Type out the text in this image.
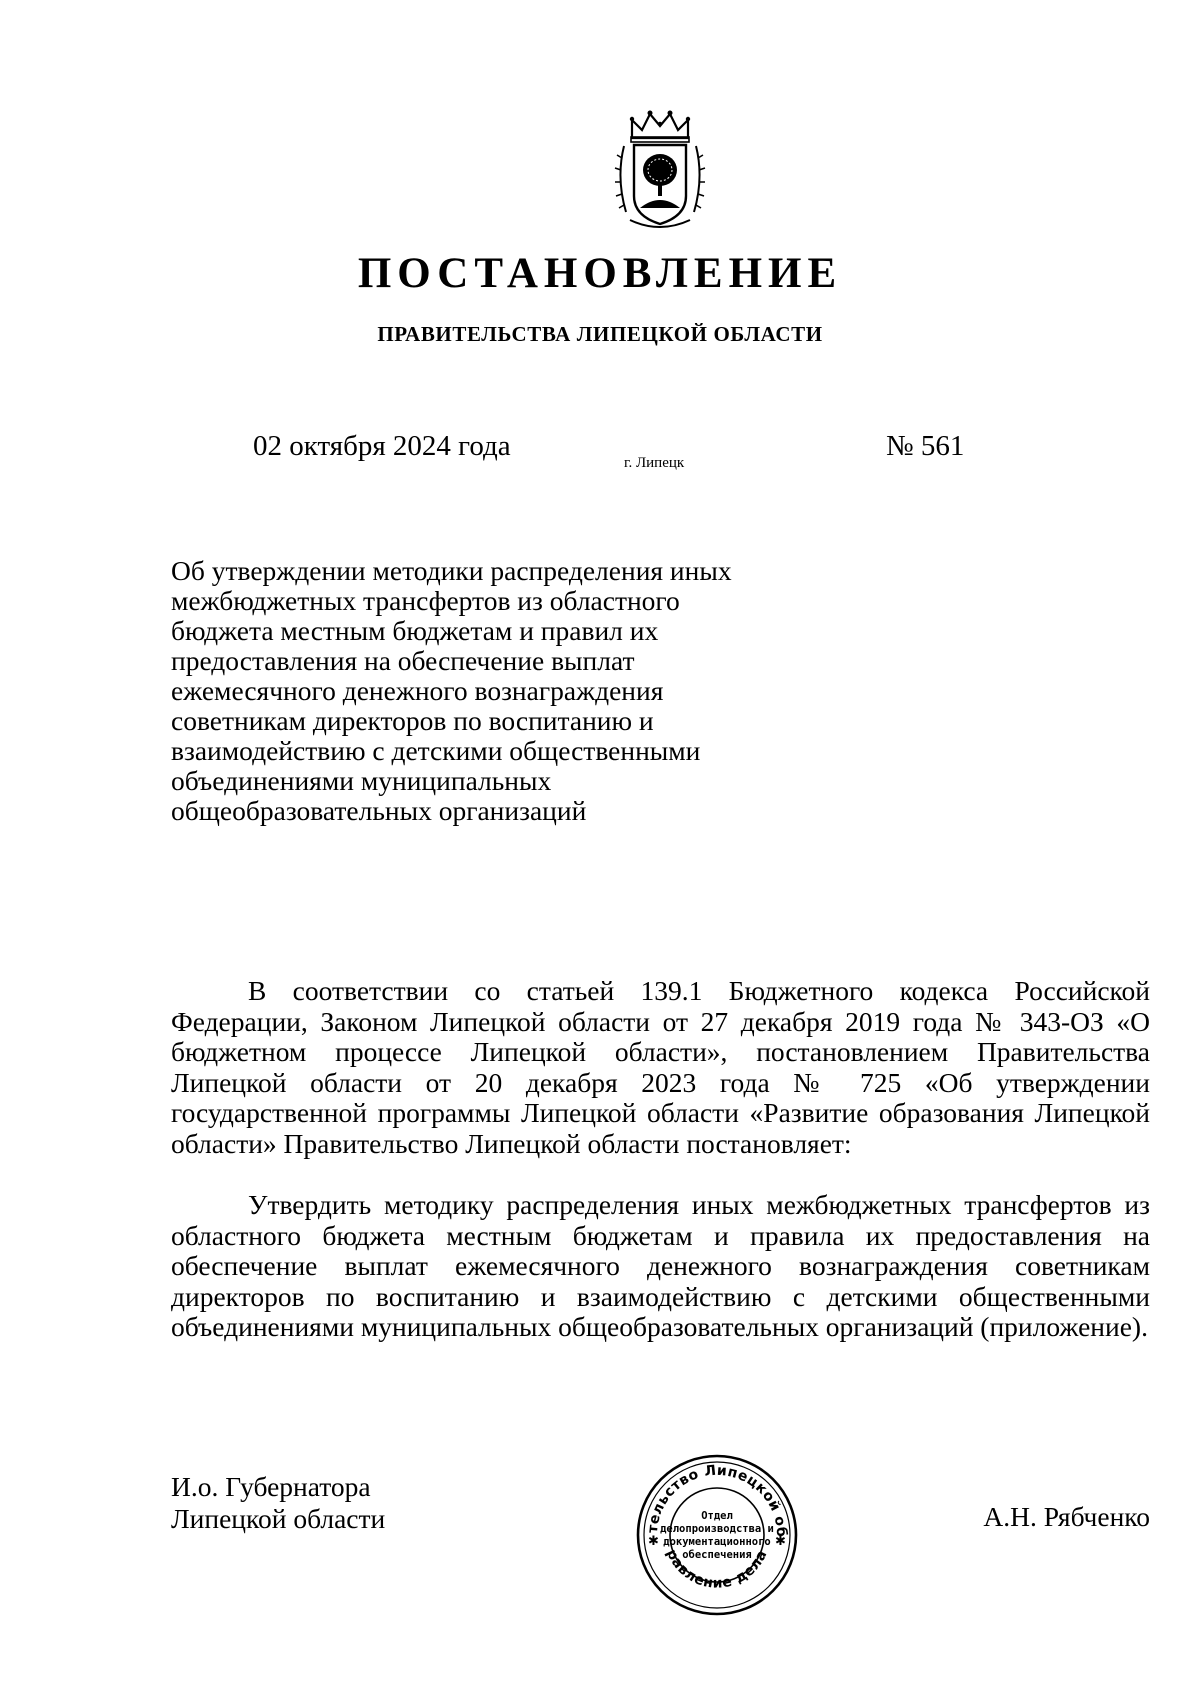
ПОСТАНОВЛЕНИЕ
ПРАВИТЕЛЬСТВА ЛИПЕЦКОЙ ОБЛАСТИ
02 октября 2024 года
г. Липецк
№ 561
Об утверждении методики распределения иных
межбюджетных трансфертов из областного
бюджета местным бюджетам и правил их
предоставления на обеспечение выплат
ежемесячного денежного вознаграждения
советникам директоров по воспитанию и
взаимодействию с детскими общественными
объединениями муниципальных
общеобразовательных организаций
В соответствии со статьей 139.1 Бюджетного кодекса Российской Федерации, Законом Липецкой области от 27 декабря 2019 года № 343-ОЗ «О бюджетном процессе Липецкой области», постановлением Правительства Липецкой области от 20 декабря 2023 года № 725 «Об утверждении государственной программы Липецкой области «Развитие образования Липецкой области» Правительство Липецкой области постановляет:
Утвердить методику распределения иных межбюджетных трансфертов из областного бюджета местным бюджетам и правила их предоставления на обеспечение выплат ежемесячного денежного вознаграждения советникам директоров по воспитанию и взаимодействию с детскими общественными объединениями муниципальных общеобразовательных организаций (приложение).
И.о. Губернатора
Липецкой области	тельство Липецкой об
равление дела
✱	✱
Отдел
делопроизводства и
документационного
обеспечения
А.Н. Рябченко
